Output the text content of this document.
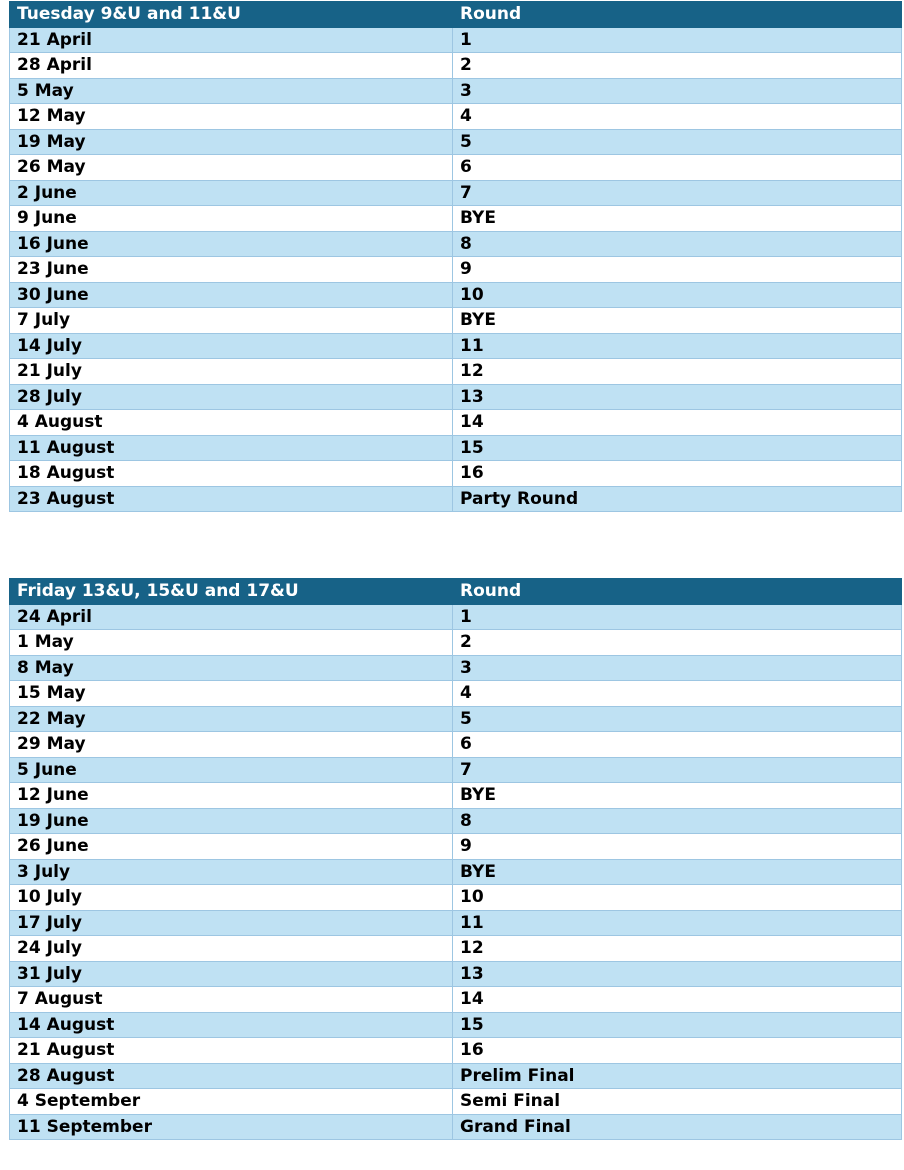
Tuesday 9&U and 11&U	Round
21 April	1
28 April	2
5 May	3
12 May	4
19 May	5
26 May	6
2 June	7
9 June	BYE
16 June	8
23 June	9
30 June	10
7 July	BYE
14 July	11
21 July	12
28 July	13
4 August	14
11 August	15
18 August	16
23 August	Party Round
Friday 13&U, 15&U and 17&U	Round
24 April	1
1 May	2
8 May	3
15 May	4
22 May	5
29 May	6
5 June	7
12 June	BYE
19 June	8
26 June	9
3 July	BYE
10 July	10
17 July	11
24 July	12
31 July	13
7 August	14
14 August	15
21 August	16
28 August	Prelim Final
4 September	Semi Final
11 September	Grand Final
